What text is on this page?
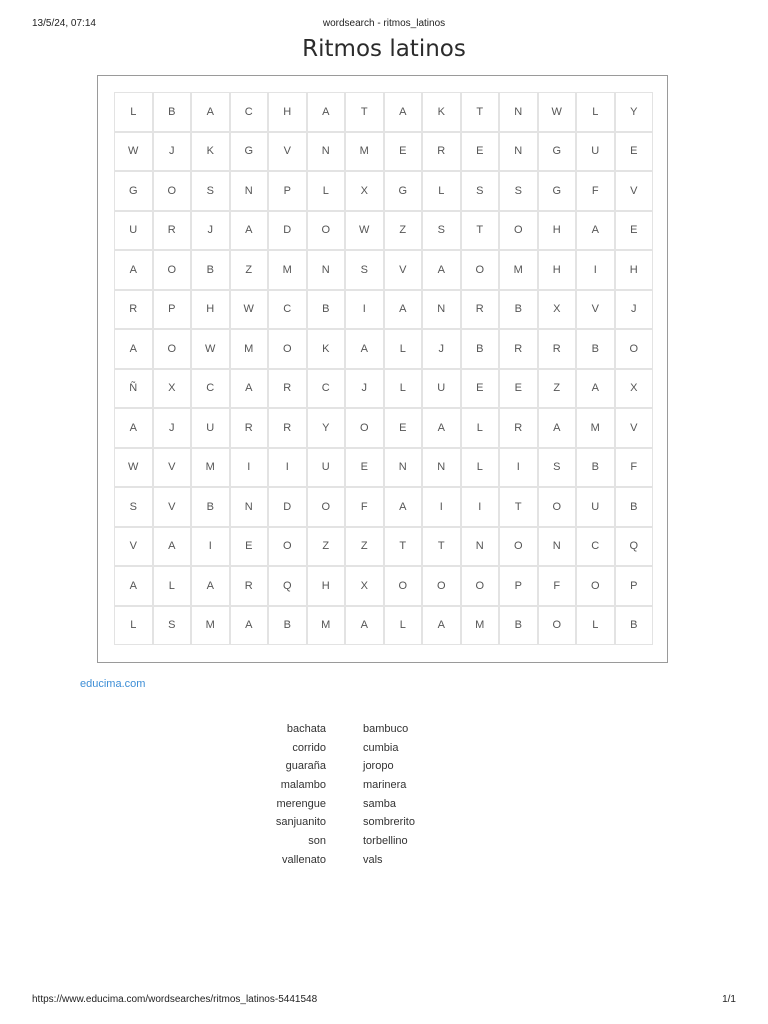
13/5/24, 07:14	wordsearch - ritmos_latinos
Ritmos latinos
L	B	A	C	H	A	T	A	K	T	N	W	L	Y
W	J	K	G	V	N	M	E	R	E	N	G	U	E
G	O	S	N	P	L	X	G	L	S	S	G	F	V
U	R	J	A	D	O	W	Z	S	T	O	H	A	E
A	O	B	Z	M	N	S	V	A	O	M	H	I	H
R	P	H	W	C	B	I	A	N	R	B	X	V	J
A	O	W	M	O	K	A	L	J	B	R	R	B	O
Ñ	X	C	A	R	C	J	L	U	E	E	Z	A	X
A	J	U	R	R	Y	O	E	A	L	R	A	M	V
W	V	M	I	I	U	E	N	N	L	I	S	B	F
S	V	B	N	D	O	F	A	I	I	T	O	U	B
V	A	I	E	O	Z	Z	T	T	N	O	N	C	Q
A	L	A	R	Q	H	X	O	O	O	P	F	O	P
L	S	M	A	B	M	A	L	A	M	B	O	L	B
educima.com
bachata
corrido
guaraña
malambo
merengue
sanjuanito
son
vallenato
bambuco
cumbia
joropo
marinera
samba
sombrerito
torbellino
vals
https://www.educima.com/wordsearches/ritmos_latinos-5441548	1/1
